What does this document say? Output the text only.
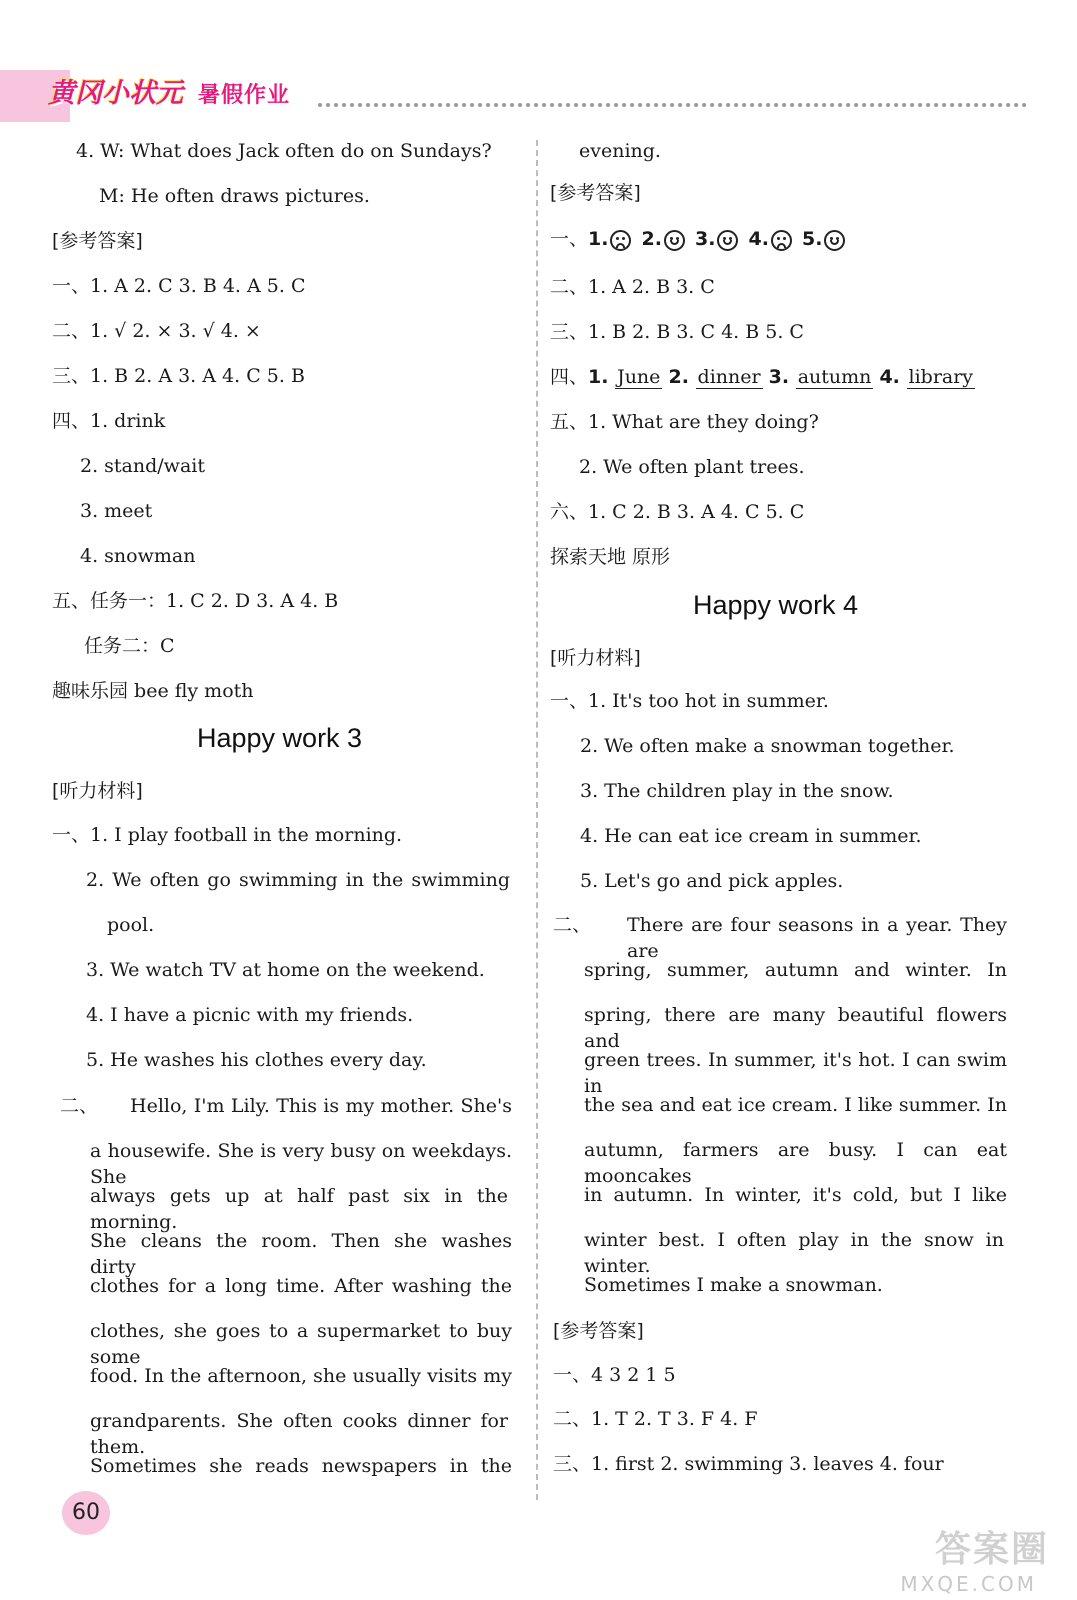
黄冈小状元 暑假作业
4. W: What does Jack often do on Sundays?
M: He often draws pictures.
[参考答案]
一、1. A 2. C 3. B 4. A 5. C
二、1. √ 2. × 3. √ 4. ×
三、1. B 2. A 3. A 4. C 5. B
四、1. drink
2. stand/wait
3. meet
4. snowman
五、任务一：1. C 2. D 3. A 4. B
任务二：C
趣味乐园 bee fly moth
Happy work 3
[听力材料]
一、1. I play football in the morning.
2. We often go swimming in the swimming
pool.
3. We watch TV at home on the weekend.
4. I have a picnic with my friends.
5. He washes his clothes every day.
二、 Hello, I'm Lily. This is my mother. She's
a housewife. She is very busy on weekdays. She
always gets up at half past six in the morning.
She cleans the room. Then she washes dirty
clothes for a long time. After washing the
clothes, she goes to a supermarket to buy some
food. In the afternoon, she usually visits my
grandparents. She often cooks dinner for them.
Sometimes she reads newspapers in the
evening.
[参考答案]
一、1. 2. 3. 4. 5.
二、1. A 2. B 3. C
三、1. B 2. B 3. C 4. B 5. C
四、1. June 2. dinner 3. autumn 4. library
五、1. What are they doing?
2. We often plant trees.
六、1. C 2. B 3. A 4. C 5. C
探索天地 原形
Happy work 4
[听力材料]
一、1. It's too hot in summer.
2. We often make a snowman together.
3. The children play in the snow.
4. He can eat ice cream in summer.
5. Let's go and pick apples.
二、 There are four seasons in a year. They are
spring, summer, autumn and winter. In
spring, there are many beautiful flowers and
green trees. In summer, it's hot. I can swim in
the sea and eat ice cream. I like summer. In
autumn, farmers are busy. I can eat mooncakes
in autumn. In winter, it's cold, but I like
winter best. I often play in the snow in winter.
Sometimes I make a snowman.
[参考答案]
一、4 3 2 1 5
二、1. T 2. T 3. F 4. F
三、1. first 2. swimming 3. leaves 4. four
60
答案圈
MXQE.COM
